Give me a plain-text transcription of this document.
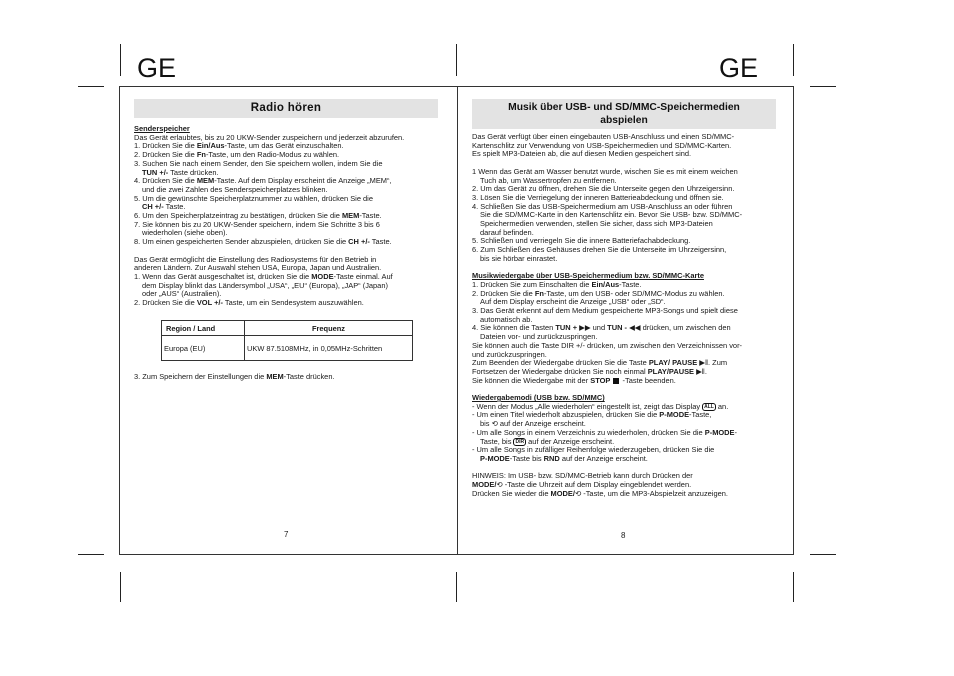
GE	GE
Radio hören

Senderspeicher

Das Gerät erlaubtes, bis zu 20 UKW-Sender zuspeichern und jederzeit abzurufen.

1. Drücken Sie die Ein/Aus-Taste, um das Gerät einzuschalten.

2. Drücken Sie die Fn-Taste, um den Radio-Modus zu wählen.

3. Suchen Sie nach einem Sender, den Sie speichern wollen, indem Sie die

TUN +/- Taste drücken.

4. Drücken Sie die MEM-Taste. Auf dem Display erscheint die Anzeige „MEM“,

und die zwei Zahlen des Senderspeicherplatzes blinken.

5. Um die gewünschte Speicherplatznummer zu wählen, drücken Sie die

CH +/- Taste.

6. Um den Speicherplatzeintrag zu bestätigen, drücken Sie die MEM-Taste.

7. Sie können bis zu 20 UKW-Sender speichern, indem Sie Schritte 3 bis 6

wiederholen (siehe oben).

8. Um einen gespeicherten Sender abzuspielen, drücken Sie die CH +/- Taste.

Das Gerät ermöglicht die Einstellung des Radiosystems für den Betrieb in

anderen Ländern. Zur Auswahl stehen USA, Europa, Japan und Australien.

1. Wenn das Gerät ausgeschaltet ist, drücken Sie die MODE-Taste einmal. Auf

dem Display blinkt das Ländersymbol „USA“, „EU“ (Europa), „JAP“ (Japan)

oder „AUS“ (Australien).

2. Drücken Sie die VOL +/- Taste, um ein Sendesystem auszuwählen.

Region / Land	Frequenz
Europa (EU)	UKW 87.5108MHz, in 0,05MHz-Schritten

3. Zum Speichern der Einstellungen die MEM-Taste drücken.

7
Musik über USB- und SD/MMC-Speichermedien
abspielen

Das Gerät verfügt über einen eingebauten USB-Anschluss und einen SD/MMC-

Kartenschlitz zur Verwendung von USB-Speichermedien und SD/MMC-Karten.

Es spielt MP3-Dateien ab, die auf diesen Medien gespeichert sind.

1 Wenn das Gerät am Wasser benutzt wurde, wischen Sie es mit einem weichen

Tuch ab, um Wassertropfen zu entfernen.

2. Um das Gerät zu öffnen, drehen Sie die Unterseite gegen den Uhrzeigersinn.

3. Lösen Sie die Verriegelung der inneren Batterieabdeckung und öffnen sie.

4. Schließen Sie das USB-Speichermedium am USB-Anschluss an oder führen

Sie die SD/MMC-Karte in den Kartenschlitz ein. Bevor Sie USB- bzw. SD/MMC-

Speichermedien verwenden, stellen Sie sicher, dass sich MP3-Dateien

darauf befinden.

5. Schließen und verriegeln Sie die innere Batteriefachabdeckung.

6. Zum Schließen des Gehäuses drehen Sie die Unterseite im Uhrzeigersinn,

bis sie hörbar einrastet.

Musikwiedergabe über USB-Speichermedium bzw. SD/MMC-Karte

1. Drücken Sie zum Einschalten die Ein/Aus-Taste.

2. Drücken Sie die Fn-Taste, um den USB- oder SD/MMC-Modus zu wählen.

Auf dem Display erscheint die Anzeige „USB“ oder „SD“.

3. Das Gerät erkennt auf dem Medium gespeicherte MP3-Songs und spielt diese

automatisch ab.

4. Sie können die Tasten TUN + ▶▶ und TUN - ◀◀ drücken, um zwischen den

Dateien vor- und zurückzuspringen.

Sie können auch die Taste DIR +/- drücken, um zwischen den Verzeichnissen vor-

und zurückzuspringen.

Zum Beenden der Wiedergabe drücken Sie die Taste PLAY/ PAUSE ▶‖. Zum

Fortsetzen der Wiedergabe drücken Sie noch einmal PLAY/PAUSE ▶‖.

Sie können die Wiedergabe mit der STOP  -Taste beenden.

Wiedergabemodi (USB bzw. SD/MMC)

- Wenn der Modus „Alle wiederholen“ eingestellt ist, zeigt das Display ALL an.

- Um einen Titel wiederholt abzuspielen, drücken Sie die P-MODE-Taste,

bis ⟲ auf der Anzeige erscheint.

- Um alle Songs in einem Verzeichnis zu wiederholen, drücken Sie die P-MODE-

Taste, bis DIR auf der Anzeige erscheint.

- Um alle Songs in zufälliger Reihenfolge wiederzugeben, drücken Sie die

P-MODE-Taste bis RND auf der Anzeige erscheint.

HINWEIS: Im USB- bzw. SD/MMC-Betrieb kann durch Drücken der

MODE/⟲ -Taste die Uhrzeit auf dem Display eingeblendet werden.

Drücken Sie wieder die MODE/⟲ -Taste, um die MP3-Abspielzeit anzuzeigen.

8
